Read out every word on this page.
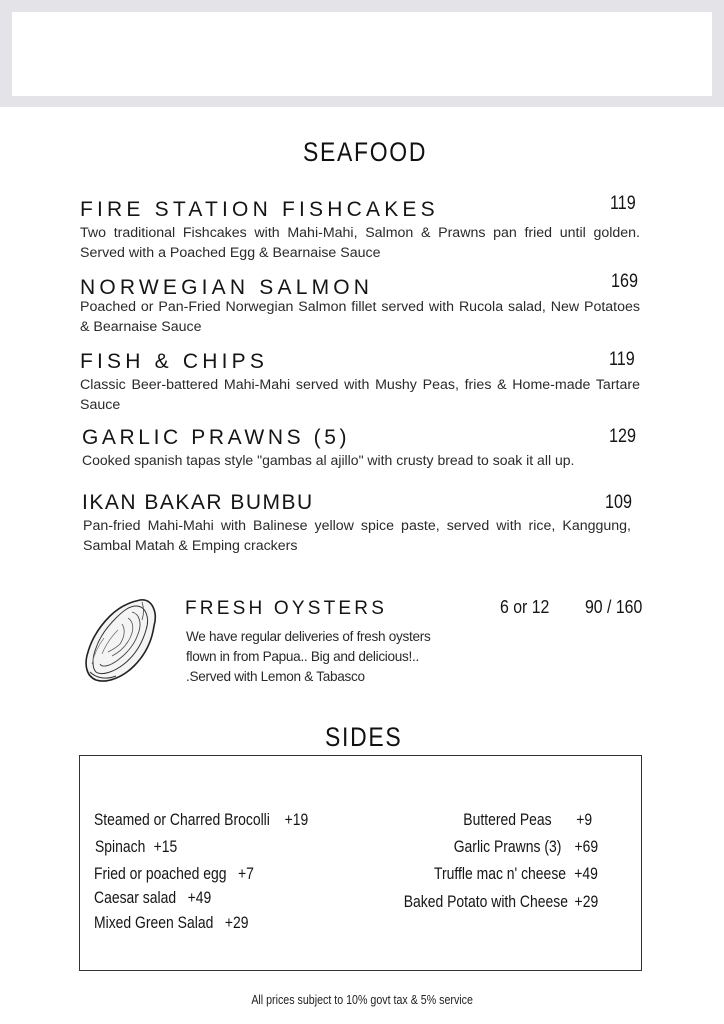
SEAFOOD
FIRE STATION FISHCAKES	119
Two traditional Fishcakes with Mahi-Mahi, Salmon & Prawns pan fried until golden. Served with a Poached Egg & Bearnaise Sauce
NORWEGIAN SALMON	169
Poached or Pan-Fried Norwegian Salmon fillet served with Rucola salad, New Potatoes & Bearnaise Sauce
FISH & CHIPS	119
Classic Beer-battered Mahi-Mahi served with Mushy Peas, fries & Home-made Tartare Sauce
GARLIC PRAWNS (5)	129
Cooked spanish tapas style "gambas al ajillo" with crusty bread to soak it all up.
IKAN BAKAR BUMBU	109
Pan-fried Mahi-Mahi with Balinese yellow spice paste, served with rice, Kanggung, Sambal Matah & Emping crackers
FRESH OYSTERS	6 or 12 90 / 160
We have regular deliveries of fresh oysters
flown in from Papua.. Big and delicious!..
.Served with Lemon & Tabasco
SIDES
Steamed or Charred Brocolli +19
Spinach +15
Fried or poached egg +7
Caesar salad +49
Mixed Green Salad +29
Buttered Peas +9
Garlic Prawns (3) +69
Truffle mac n' cheese +49
Baked Potato with Cheese +29
All prices subject to 10% govt tax & 5% service
